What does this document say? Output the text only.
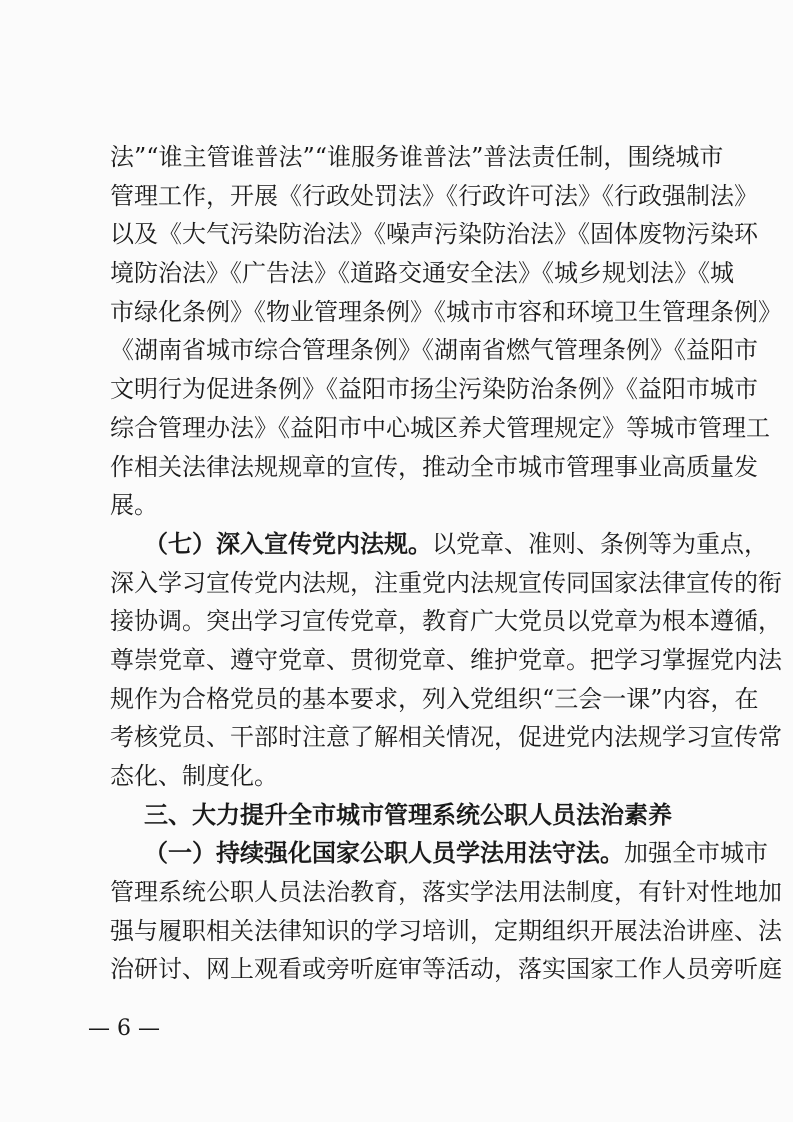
法”“谁主管谁普法”“谁服务谁普法”普法责任制，围绕城市
管理工作，开展《行政处罚法》《行政许可法》《行政强制法》
以及《大气污染防治法》《噪声污染防治法》《固体废物污染环
境防治法》《广告法》《道路交通安全法》《城乡规划法》《城
市绿化条例》《物业管理条例》《城市市容和环境卫生管理条例》
《湖南省城市综合管理条例》《湖南省燃气管理条例》《益阳市
文明行为促进条例》《益阳市扬尘污染防治条例》《益阳市城市
综合管理办法》《益阳市中心城区养犬管理规定》等城市管理工
作相关法律法规规章的宣传，推动全市城市管理事业高质量发
展。
（七）深入宣传党内法规。以党章、准则、条例等为重点，
深入学习宣传党内法规，注重党内法规宣传同国家法律宣传的衔
接协调。突出学习宣传党章，教育广大党员以党章为根本遵循，
尊崇党章、遵守党章、贯彻党章、维护党章。把学习掌握党内法
规作为合格党员的基本要求，列入党组织“三会一课”内容，在
考核党员、干部时注意了解相关情况，促进党内法规学习宣传常
态化、制度化。
三、大力提升全市城市管理系统公职人员法治素养
（一）持续强化国家公职人员学法用法守法。加强全市城市
管理系统公职人员法治教育，落实学法用法制度，有针对性地加
强与履职相关法律知识的学习培训，定期组织开展法治讲座、法
治研讨、网上观看或旁听庭审等活动，落实国家工作人员旁听庭
— 6 —
